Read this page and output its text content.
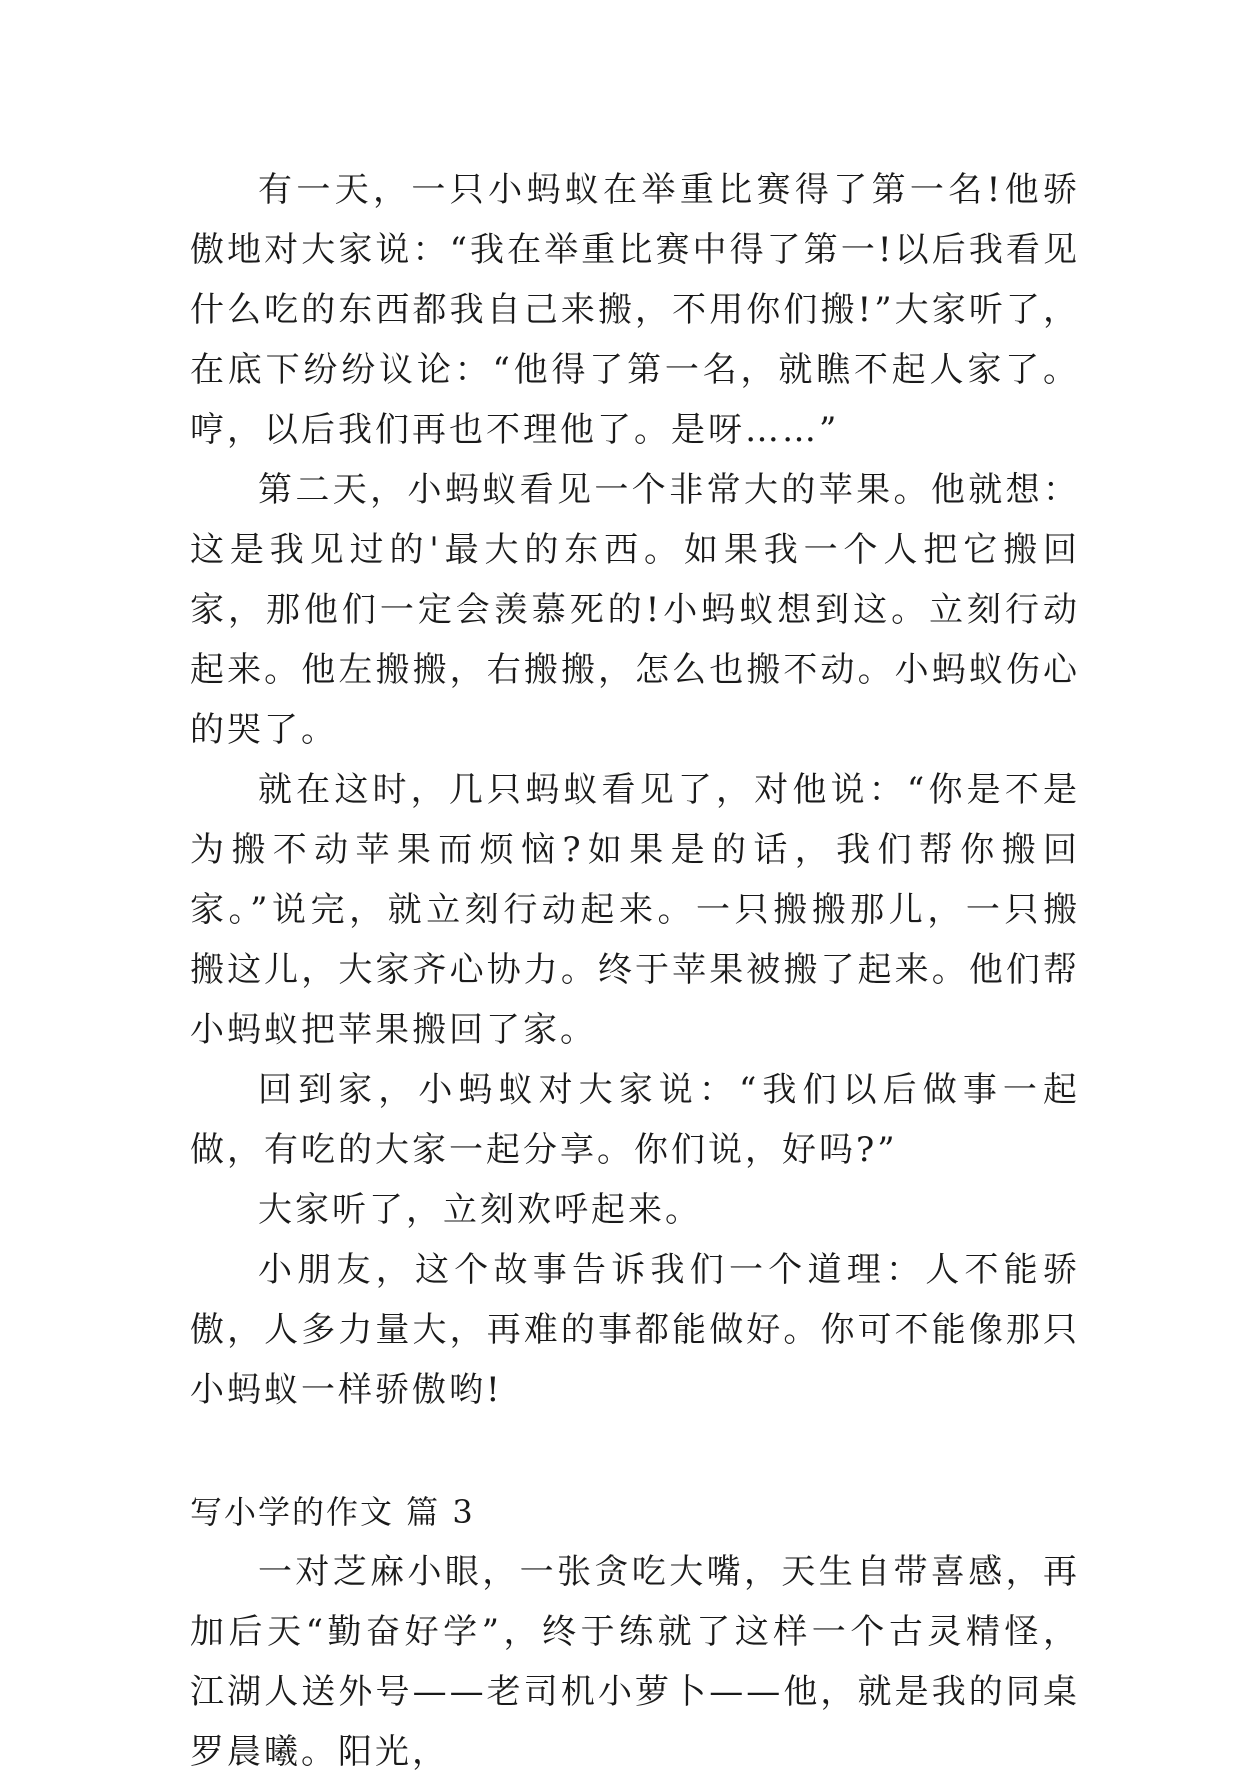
有一天，一只小蚂蚁在举重比赛得了第一名!他骄傲地对大家说：“我在举重比赛中得了第一!以后我看见什么吃的东西都我自己来搬，不用你们搬!”大家听了，在底下纷纷议论：“他得了第一名，就瞧不起人家了。哼，以后我们再也不理他了。是呀……”

第二天，小蚂蚁看见一个非常大的苹果。他就想：这是我见过的'最大的东西。如果我一个人把它搬回家，那他们一定会羡慕死的!小蚂蚁想到这。立刻行动起来。他左搬搬，右搬搬，怎么也搬不动。小蚂蚁伤心的哭了。

就在这时，几只蚂蚁看见了，对他说：“你是不是为搬不动苹果而烦恼?如果是的话，我们帮你搬回家。”说完，就立刻行动起来。一只搬搬那儿，一只搬搬这儿，大家齐心协力。终于苹果被搬了起来。他们帮小蚂蚁把苹果搬回了家。

回到家，小蚂蚁对大家说：“我们以后做事一起做，有吃的大家一起分享。你们说，好吗?”

大家听了，立刻欢呼起来。

小朋友，这个故事告诉我们一个道理：人不能骄傲，人多力量大，再难的事都能做好。你可不能像那只小蚂蚁一样骄傲哟!

写小学的作文 篇 3

一对芝麻小眼，一张贪吃大嘴，天生自带喜感，再加后天“勤奋好学”，终于练就了这样一个古灵精怪，江湖人送外号——老司机小萝卜——他，就是我的同桌罗晨曦。阳光，
